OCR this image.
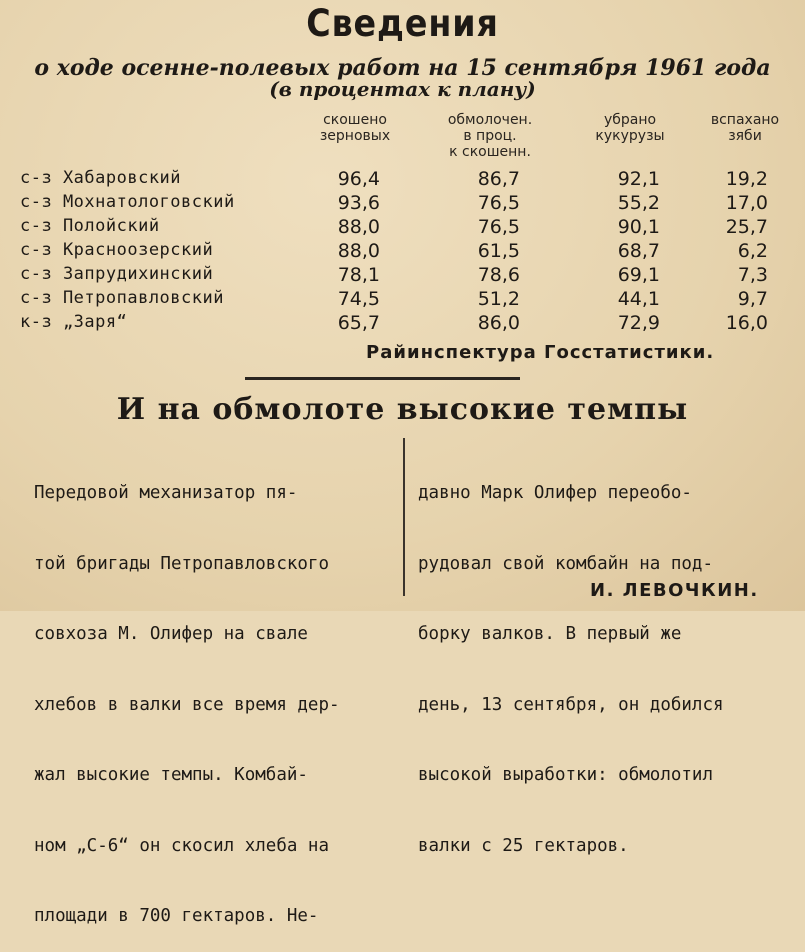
Сведения
о ходе осенне-полевых работ на 15 сентября 1961 года
(в процентах к плану)
скошено
зерновых
обмолочен.
в проц.
к скошенн.
убрано
кукурузы
вспахано
зяби
с-з Хабаровский	96,4	86,7	92,1	19,2
с-з Мохнатологовский	93,6	76,5	55,2	17,0
с-з Полойский	88,0	76,5	90,1	25,7
с-з Красноозерский	88,0	61,5	68,7	6,2
с-з Запрудихинский	78,1	78,6	69,1	7,3
с-з Петропавловский	74,5	51,2	44,1	9,7
к-з „Заря“	65,7	86,0	72,9	16,0
Райинспектура Госстатистики.
И на обмолоте высокие темпы

Передовой механизатор пя-

той бригады Петропавловского

совхоза М. Олифер на свале

хлебов в валки все время дер-

жал высокие темпы. Комбай-

ном „С-6“ он скосил хлеба на

площади в 700 гектаров. Не-

давно Марк Олифер переобо-

рудовал свой комбайн на под-

борку валков. В первый же

день, 13 сентября, он добился

высокой выработки: обмолотил

валки с 25 гектаров.

И. ЛЕВОЧКИН.
